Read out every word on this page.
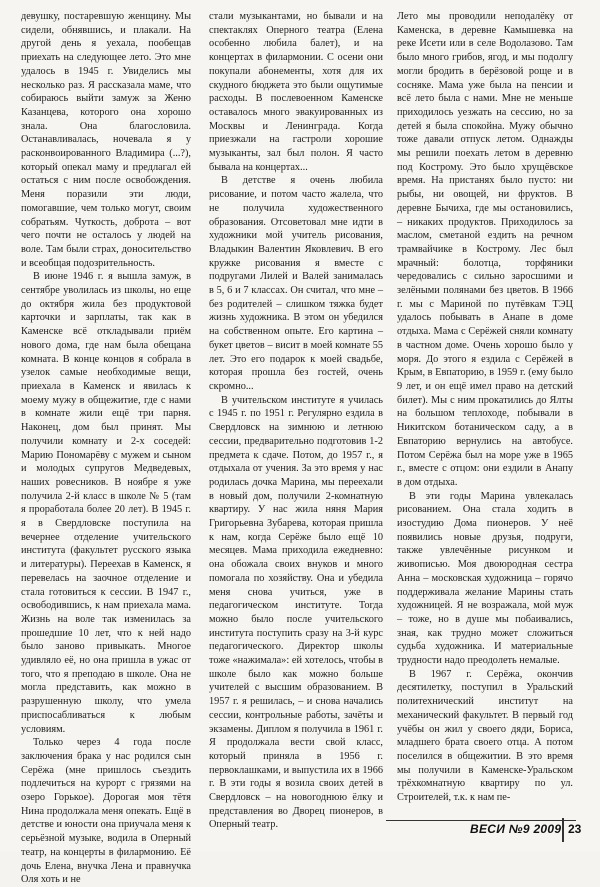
девушку, постаревшую женщину. Мы сидели, обнявшись, и плакали. На другой день я уехала, пообещав приехать на следующее лето. Это мне удалось в 1945 г. Увиделись мы несколько раз. Я рассказала маме, что собираюсь выйти замуж за Женю Казанцева, которого она хорошо знала. Она благословила. Останавливалась, ночевала я у расконвоированного Владимира (...?), который опекал маму и предлагал ей остаться с ним после освобождения. Меня поразили эти люди, помогавшие, чем только могут, своим собратьям. Чуткость, доброта – вот чего почти не осталось у людей на воле. Там были страх, доносительство и всеобщая подозрительность.

В июне 1946 г. я вышла замуж, в сентябре уволилась из школы, но еще до октября жила без продуктовой карточки и зарплаты, так как в Каменске всё откладывали приём нового дома, где нам была обещана комната. В конце концов я собрала в узелок самые необходимые вещи, приехала в Каменск и явилась к моему мужу в общежитие, где с нами в комнате жили ещё три парня. Наконец, дом был принят. Мы получили комнату и 2-х соседей: Марию Пономарёву с мужем и сыном и молодых супругов Медведевых, наших ровесников. В ноябре я уже получила 2-й класс в школе № 5 (там я проработала более 20 лет). В 1945 г. я в Свердловске поступила на вечернее отделение учительского института (факультет русского языка и литературы). Переехав в Каменск, я перевелась на заочное отделение и стала готовиться к сессии. В 1947 г., освободившись, к нам приехала мама. Жизнь на воле так изменилась за прошедшие 10 лет, что к ней надо было заново привыкать. Многое удивляло её, но она пришла в ужас от того, что я преподаю в школе. Она не могла представить, как можно в разрушенную школу, что умела приспосабливаться к любым условиям.

Только через 4 года после заключения брака у нас родился сын Серёжа (мне пришлось съездить подлечиться на курорт с грязями на озеро Горькое). Дорогая моя тётя Нина продолжала меня опекать. Ещё в детстве и юности она приучала меня к серьёзной музыке, водила в Оперный театр, на концерты в филармонию. Её дочь Елена, внучка Лена и правнучка Оля хоть и не

стали музыкантами, но бывали и на спектаклях Оперного театра (Елена особенно любила балет), и на концертах в филармонии. С осени они покупали абонементы, хотя для их скудного бюджета это были ощутимые расходы. В послевоенном Каменске оставалось много эвакуированных из Москвы и Ленинграда. Когда приезжали на гастроли хорошие музыканты, зал был полон. Я часто бывала на концертах...

В детстве я очень любила рисование, и потом часто жалела, что не получила художественного образования. Отсоветовал мне идти в художники мой учитель рисования, Владыкин Валентин Яковлевич. В его кружке рисования я вместе с подругами Лилей и Валей занималась в 5, 6 и 7 классах. Он считал, что мне – без родителей – слишком тяжка будет жизнь художника. В этом он убедился на собственном опыте. Его картина – букет цветов – висит в моей комнате 55 лет. Это его подарок к моей свадьбе, которая прошла без гостей, очень скромно...

В учительском институте я училась с 1945 г. по 1951 г. Регулярно ездила в Свердловск на зимнюю и летнюю сессии, предварительно подготовив 1-2 предмета к сдаче. Потом, до 1957 г., я отдыхала от учения. За это время у нас родилась дочка Марина, мы переехали в новый дом, получили 2-комнатную квартиру. У нас жила няня Мария Григорьевна Зубарева, которая пришла к нам, когда Серёже было ещё 10 месяцев. Мама приходила ежедневно: она обожала своих внуков и много помогала по хозяйству. Она и убедила меня снова учиться, уже в педагогическом институте. Тогда можно было после учительского института поступить сразу на 3-й курс педагогического. Директор школы тоже «нажимала»: ей хотелось, чтобы в школе было как можно больше учителей с высшим образованием. В 1957 г. я решилась, – и снова начались сессии, контрольные работы, зачёты и экзамены. Диплом я получила в 1961 г. Я продолжала вести свой класс, который приняла в 1956 г. первоклашками, и выпустила их в 1966 г. В эти годы я возила своих детей в Свердловск – на новогоднюю ёлку и представления во Дворец пионеров, в Оперный театр.

Лето мы проводили неподалёку от Каменска, в деревне Камышевка на реке Исети или в селе Водолазово. Там было много грибов, ягод, и мы подолгу могли бродить в берёзовой роще и в сосняке. Мама уже была на пенсии и всё лето была с нами. Мне не меньше приходилось уезжать на сессию, но за детей я была спокойна. Мужу обычно тоже давали отпуск летом. Однажды мы решили поехать летом в деревню под Кострому. Это было хрущёвское время. На пристанях было пусто: ни рыбы, ни овощей, ни фруктов. В деревне Бычиха, где мы остановились, – никаких продуктов. Приходилось за маслом, сметаной ездить на речном трамвайчике в Кострому. Лес был мрачный: болотца, торфяники чередовались с сильно заросшими и зелёными полянами без цветов. В 1966 г. мы с Мариной по путёвкам ТЭЦ удалось побывать в Анапе в доме отдыха. Мама с Серёжей сняли комнату в частном доме. Очень хорошо было у моря. До этого я ездила с Серёжей в Крым, в Евпаторию, в 1959 г. (ему было 9 лет, и он ещё имел право на детский билет). Мы с ним прокатились до Ялты на большом теплоходе, побывали в Никитском ботаническом саду, а в Евпаторию вернулись на автобусе. Потом Серёжа был на море уже в 1965 г., вместе с отцом: они ездили в Анапу в дом отдыха.

В эти годы Марина увлекалась рисованием. Она стала ходить в изостудию Дома пионеров. У неё появились новые друзья, подруги, также увлечённые рисунком и живописью. Моя двоюродная сестра Анна – московская художница – горячо поддерживала желание Марины стать художницей. Я не возражала, мой муж – тоже, но в душе мы побаивались, зная, как трудно может сложиться судьба художника. И материальные трудности надо преодолеть немалые.

В 1967 г. Серёжа, окончив десятилетку, поступил в Уральский политехнический институт на механический факультет. В первый год учёбы он жил у своего дяди, Бориса, младшего брата своего отца. А потом поселился в общежитии. В это время мы получили в Каменске-Уральском трёхкомнатную квартиру по ул. Строителей, т.к. к нам пе-

ВЕСИ №9 2009 23
